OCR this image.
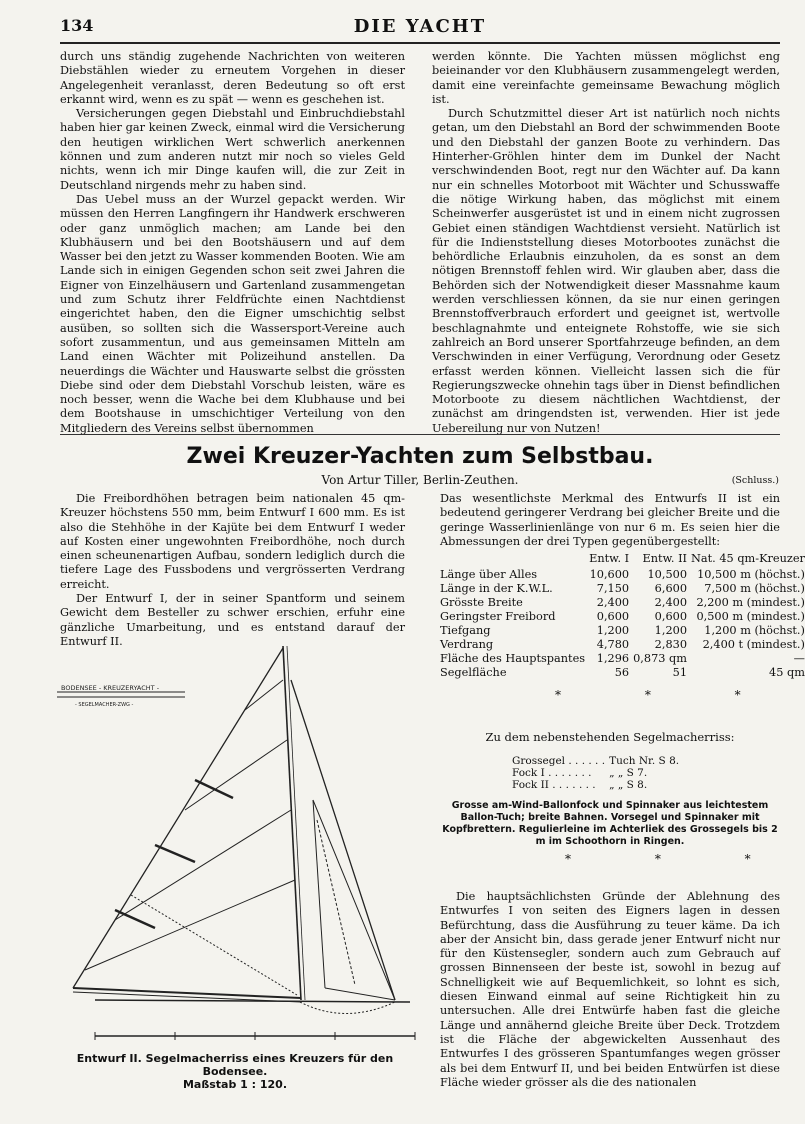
134	DIE YACHT

durch uns ständig zugehende Nachrichten von weiteren Diebstählen wieder zu erneutem Vorgehen in dieser Angelegenheit veranlasst, deren Bedeutung so oft erst erkannt wird, wenn es zu spät — wenn es geschehen ist.

Versicherungen gegen Diebstahl und Einbruchdiebstahl haben hier gar keinen Zweck, einmal wird die Versicherung den heutigen wirklichen Wert schwerlich anerkennen können und zum anderen nutzt mir noch so vieles Geld nichts, wenn ich mir Dinge kaufen will, die zur Zeit in Deutschland nirgends mehr zu haben sind.

Das Uebel muss an der Wurzel gepackt werden. Wir müssen den Herren Langfingern ihr Handwerk erschweren oder ganz unmöglich machen; am Lande bei den Klubhäusern und bei den Bootshäusern und auf dem Wasser bei den jetzt zu Wasser kommenden Booten. Wie am Lande sich in einigen Gegenden schon seit zwei Jahren die Eigner von Einzelhäusern und Gartenland zusammengetan und zum Schutz ihrer Feldfrüchte einen Nachtdienst eingerichtet haben, den die Eigner umschichtig selbst ausüben, so sollten sich die Wassersport-Vereine auch sofort zusammentun, und aus gemeinsamen Mitteln am Land einen Wächter mit Polizeihund anstellen. Da neuerdings die Wächter und Hauswarte selbst die grössten Diebe sind oder dem Diebstahl Vorschub leisten, wäre es noch besser, wenn die Wache bei dem Klubhause und bei dem Bootshause in umschichtiger Verteilung von den Mitgliedern des Vereins selbst übernommen

werden könnte. Die Yachten müssen möglichst eng beieinander vor den Klubhäusern zusammengelegt werden, damit eine vereinfachte gemeinsame Bewachung möglich ist.

Durch Schutzmittel dieser Art ist natürlich noch nichts getan, um den Diebstahl an Bord der schwimmenden Boote und den Diebstahl der ganzen Boote zu verhindern. Das Hinterher-Gröhlen hinter dem im Dunkel der Nacht verschwindenden Boot, regt nur den Wächter auf. Da kann nur ein schnelles Motorboot mit Wächter und Schusswaffe die nötige Wirkung haben, das möglichst mit einem Scheinwerfer ausgerüstet ist und in einem nicht zugrossen Gebiet einen ständigen Wachtdienst versieht. Natürlich ist für die Indienststellung dieses Motorbootes zunächst die behördliche Erlaubnis einzuholen, da es sonst an dem nötigen Brennstoff fehlen wird. Wir glauben aber, dass die Behörden sich der Notwendigkeit dieser Massnahme kaum werden verschliessen können, da sie nur einen geringen Brennstoffverbrauch erfordert und geeignet ist, wertvolle beschlagnahmte und enteignete Rohstoffe, wie sie sich zahlreich an Bord unserer Sportfahrzeuge befinden, an dem Verschwinden in einer Verfügung, Verordnung oder Gesetz erfasst werden können. Vielleicht lassen sich die für Regierungszwecke ohnehin tags über in Dienst befindlichen Motorboote zu diesem nächtlichen Wachtdienst, der zunächst am dringendsten ist, verwenden. Hier ist jede Uebereilung nur von Nutzen!

Zwei Kreuzer-Yachten zum Selbstbau.
Von Artur Tiller, Berlin-Zeuthen.	(Schluss.)

Die Freibordhöhen betragen beim nationalen 45 qm-Kreuzer höchstens 550 mm, beim Entwurf I 600 mm. Es ist also die Stehhöhe in der Kajüte bei dem Entwurf I weder auf Kosten einer ungewohnten Freibordhöhe, noch durch einen scheunenartigen Aufbau, sondern lediglich durch die tiefere Lage des Fussbodens und vergrösserten Verdrang erreicht.

Der Entwurf I, der in seiner Spantform und seinem Gewicht dem Besteller zu schwer erschien, erfuhr eine gänzliche Umarbeitung, und es entstand darauf der Entwurf II.

Das wesentlichste Merkmal des Entwurfs II ist ein bedeutend geringerer Verdrang bei gleicher Breite und die geringe Wasserlinienlänge von nur 6 m. Es seien hier die Abmessungen der drei Typen gegenübergestellt:

	Entw. I	Entw. II	Nat. 45 qm-Kreuzer
Länge über Alles	10,600	10,500	10,500 m (höchst.)
Länge in der K.W.L.	7,150	6,600	7,500 m (höchst.)
Grösste Breite	2,400	2,400	2,200 m (mindest.)
Geringster Freibord	0,600	0,600	0,500 m (mindest.)
Tiefgang	1,200	1,200	1,200 m (höchst.)
Verdrang	4,780	2,830	2,400 t (mindest.)
Fläche des Hauptspantes	1,296	0,873 qm	—
Segelfläche	56	51	45 qm
* * *
Zu dem nebenstehenden Segelmacherriss:
Grossegel . . . . . .	Tuch Nr. S 8.
Fock I . . . . . . .	„ „ S 7.
Fock II . . . . . . .	„ „ S 8.
Grosse am-Wind-Ballonfock und Spinnaker aus leichtestem Ballon-Tuch; breite Bahnen. Vorsegel und Spinnaker mit Kopfbrettern. Regulierleine im Achterliek des Grossegels bis 2 m im Schoothorn in Ringen.
* * *

Die hauptsächlichsten Gründe der Ablehnung des Entwurfes I von seiten des Eigners lagen in dessen Befürchtung, dass die Ausführung zu teuer käme. Da ich aber der Ansicht bin, dass gerade jener Entwurf nicht nur für den Küstensegler, sondern auch zum Gebrauch auf grossen Binnenseen der beste ist, sowohl in bezug auf Schnelligkeit wie auf Bequemlichkeit, so lohnt es sich, diesen Einwand einmal auf seine Richtigkeit hin zu untersuchen. Alle drei Entwürfe haben fast die gleiche Länge und annähernd gleiche Breite über Deck. Trotzdem ist die Fläche der abgewickelten Aussenhaut des Entwurfes I des grösseren Spantumfanges wegen grösser als bei dem Entwurf II, und bei beiden Entwürfen ist diese Fläche wieder grösser als die des nationalen

BODENSEE - KREUZERYACHT -
- SEGELMACHER-ZWG -
Entwurf II. Segelmacherriss eines Kreuzers für den Bodensee.
Maßstab 1 : 120.
